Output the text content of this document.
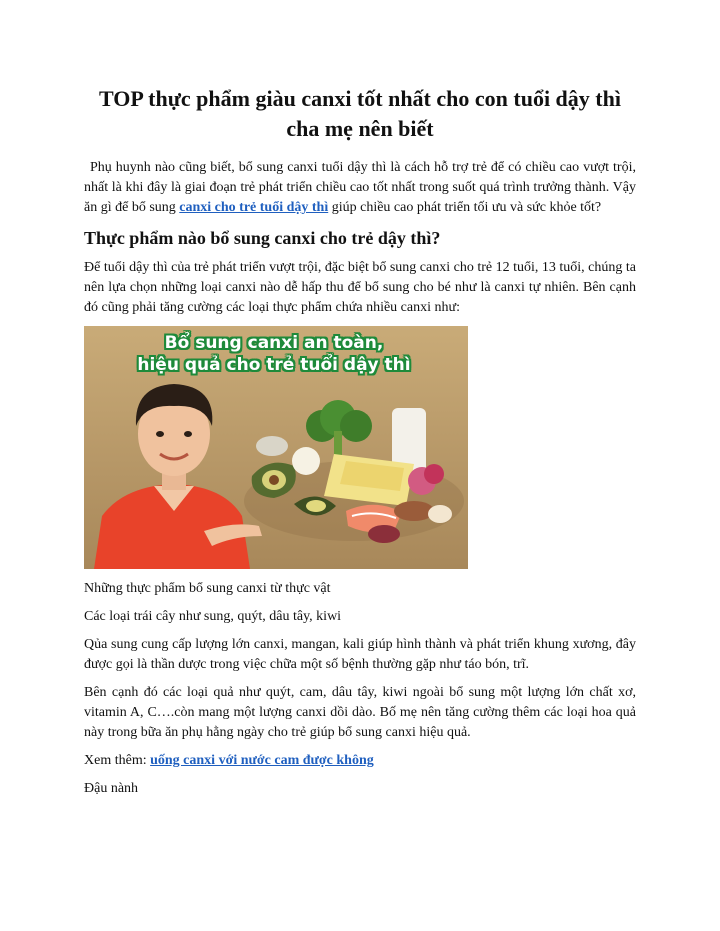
TOP thực phẩm giàu canxi tốt nhất cho con tuổi dậy thì cha mẹ nên biết

Phụ huynh nào cũng biết, bổ sung canxi tuổi dậy thì là cách hỗ trợ trẻ để có chiều cao vượt trội, nhất là khi đây là giai đoạn trẻ phát triển chiều cao tốt nhất trong suốt quá trình trưởng thành. Vậy ăn gì để bổ sung canxi cho trẻ tuổi dậy thì giúp chiều cao phát triển tối ưu và sức khỏe tốt?

Thực phẩm nào bổ sung canxi cho trẻ dậy thì?

Để tuổi dậy thì của trẻ phát triển vượt trội, đặc biệt bổ sung canxi cho trẻ 12 tuổi, 13 tuổi, chúng ta nên lựa chọn những loại canxi nào dễ hấp thu để bổ sung cho bé như là canxi tự nhiên. Bên cạnh đó cũng phải tăng cường các loại thực phẩm chứa nhiều canxi như:

Bổ sung canxi an toàn,
hiệu quả cho trẻ tuổi dậy thì

Những thực phẩm bổ sung canxi từ thực vật

Các loại trái cây như sung, quýt, dâu tây, kiwi

Qủa sung cung cấp lượng lớn canxi, mangan, kali giúp hình thành và phát triển khung xương, đây được gọi là thần dược trong việc chữa một số bệnh thường gặp như táo bón, trĩ.

Bên cạnh đó các loại quả như quýt, cam, dâu tây, kiwi ngoài bổ sung một lượng lớn chất xơ, vitamin A, C….còn mang một lượng canxi dồi dào. Bố mẹ nên tăng cường thêm các loại hoa quả này trong bữa ăn phụ hằng ngày cho trẻ giúp bổ sung canxi hiệu quả.

Xem thêm: uống canxi với nước cam được không

Đậu nành
